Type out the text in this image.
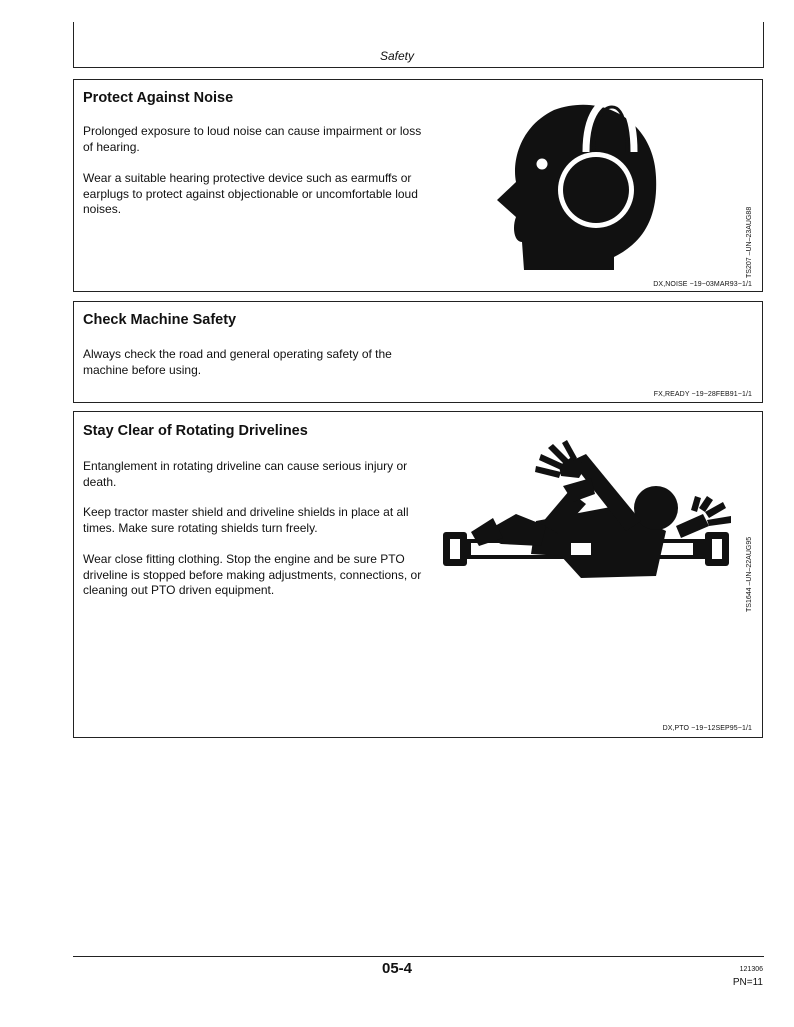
Safety
Protect Against Noise

Prolonged exposure to loud noise can cause impairment or loss of hearing.

Wear a suitable hearing protective device such as earmuffs or earplugs to protect against objectionable or uncomfortable loud noises.	TS207 –UN–23AUG88
DX,NOISE −19−03MAR93−1/1
Check Machine Safety

Always check the road and general operating safety of the machine before using.

FX,READY −19−28FEB91−1/1
Stay Clear of Rotating Drivelines

Entanglement in rotating driveline can cause serious injury or death.

Keep tractor master shield and driveline shields in place at all times. Make sure rotating shields turn freely.

Wear close fitting clothing. Stop the engine and be sure PTO driveline is stopped before making adjustments, connections, or cleaning out PTO driven equipment.	TS1644 –UN–22AUG95
DX,PTO −19−12SEP95−1/1
05-4	121306
PN=11
